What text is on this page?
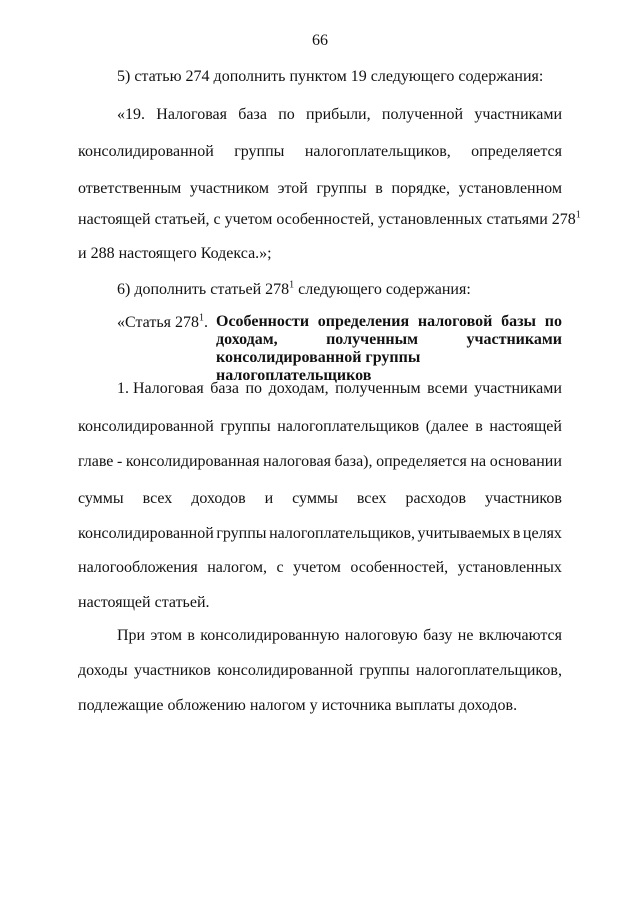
66
5) статью 274 дополнить пунктом 19 следующего содержания:
«19. Налоговая база по прибыли, полученной участниками
консолидированной группы налогоплательщиков, определяется
ответственным участником этой группы в порядке, установленном
настоящей статьей, с учетом особенностей, установленных статьями $278^1$
и 288 настоящего Кодекса.»;
6) дополнить статьей $278^1$ следующего содержания:
«Статья $278^1$. Особенности определения налоговой базы по
доходам,	полученным	участниками
консолидированной группы налогоплательщиков
1. Налоговая база по доходам, полученным всеми участниками
консолидированной группы налогоплательщиков (далее в настоящей
главе - консолидированная налоговая база), определяется на основании
суммы всех доходов и суммы всех расходов участников
консолидированной группы налогоплательщиков, учитываемых в целях
налогообложения налогом, с учетом особенностей, установленных
настоящей статьей.
При этом в консолидированную налоговую базу не включаются
доходы участников консолидированной группы налогоплательщиков,
подлежащие обложению налогом у источника выплаты доходов.
